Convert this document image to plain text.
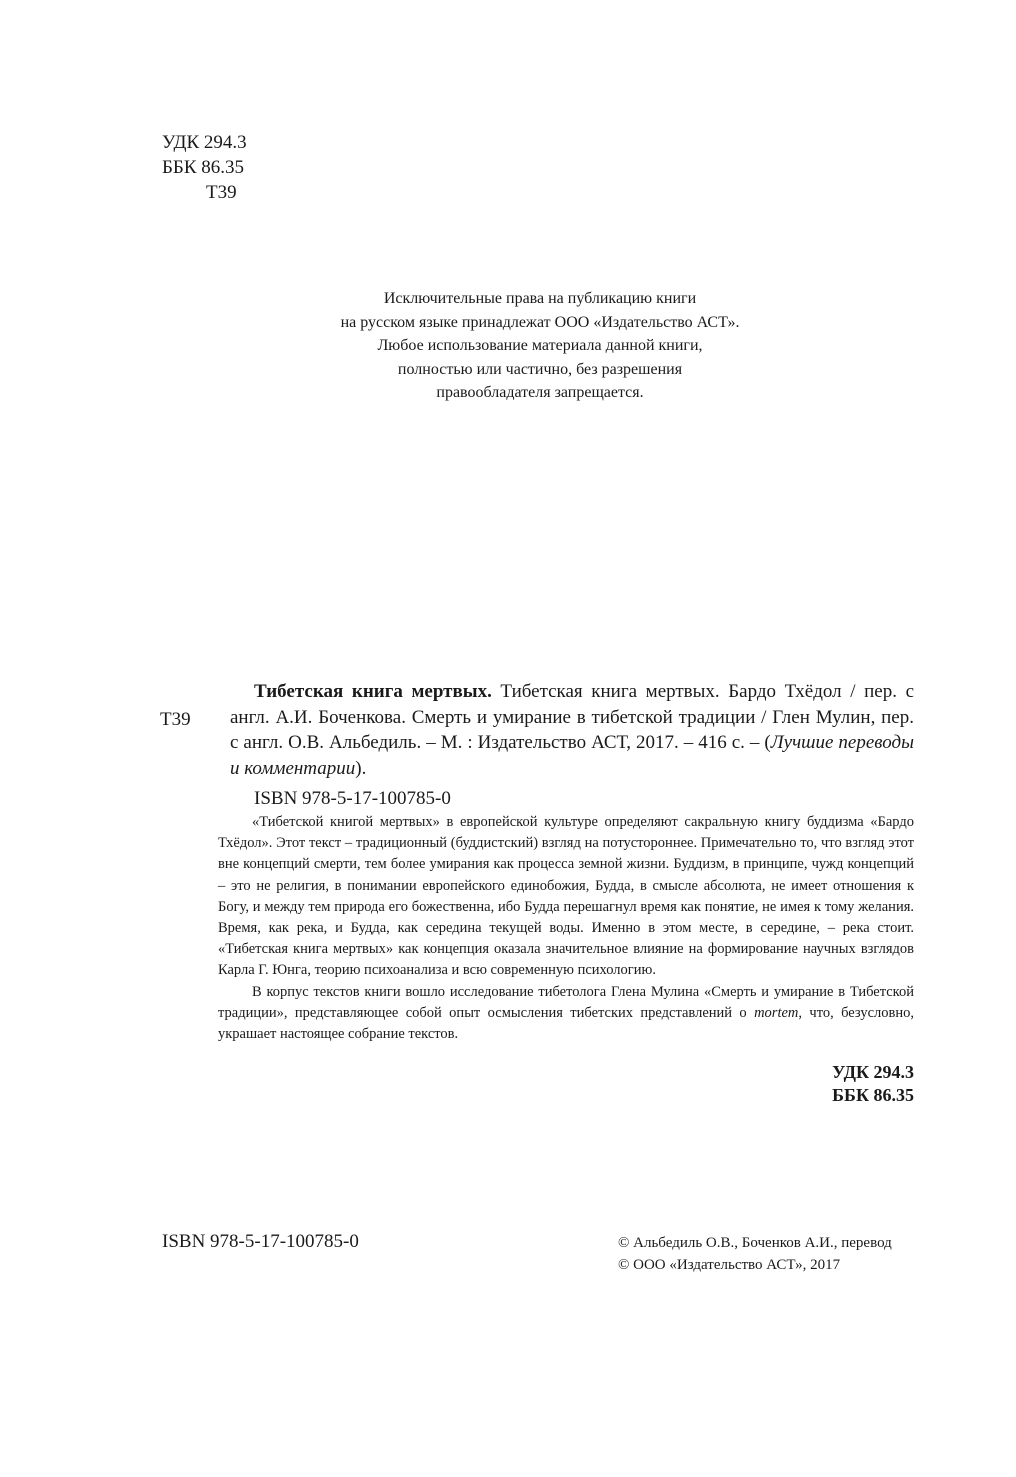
УДК 294.3
ББК 86.35
Т39
Исключительные права на публикацию книги
на русском языке принадлежат ООО «Издательство АСТ».
Любое использование материала данной книги,
полностью или частично, без разрешения
правообладателя запрещается.
Т39

Тибетская книга мертвых. Тибетская книга мертвых. Бардо Тхёдол / пер. с англ. А.И. Боченкова. Смерть и умирание в тибетской традиции / Глен Мулин, пер. с англ. О.В. Альбедиль. – М. : Издательство АСТ, 2017. – 416 с. – (Лучшие переводы и комментарии).

ISBN 978-5-17-100785-0

«Тибетской книгой мертвых» в европейской культуре определяют сакральную книгу буддизма «Бардо Тхёдол». Этот текст – традиционный (буддистский) взгляд на потустороннее. Примечательно то, что взгляд этот вне концепций смерти, тем более умирания как процесса земной жизни. Буддизм, в принципе, чужд концепций – это не религия, в понимании европейского единобожия, Будда, в смысле абсолюта, не имеет отношения к Богу, и между тем природа его божественна, ибо Будда перешагнул время как понятие, не имея к тому желания. Время, как река, и Будда, как середина текущей воды. Именно в этом месте, в середине, – река стоит. «Тибетская книга мертвых» как концепция оказала значительное влияние на формирование научных взглядов Карла Г. Юнга, теорию психоанализа и всю современную психологию.

В корпус текстов книги вошло исследование тибетолога Глена Мулина «Смерть и умирание в Тибетской традиции», представляющее собой опыт осмысления тибетских представлений о mortem, что, безусловно, украшает настоящее собрание текстов.

УДК 294.3
ББК 86.35
ISBN 978-5-17-100785-0	© Альбедиль О.В., Боченков А.И., перевод
© ООО «Издательство АСТ», 2017
